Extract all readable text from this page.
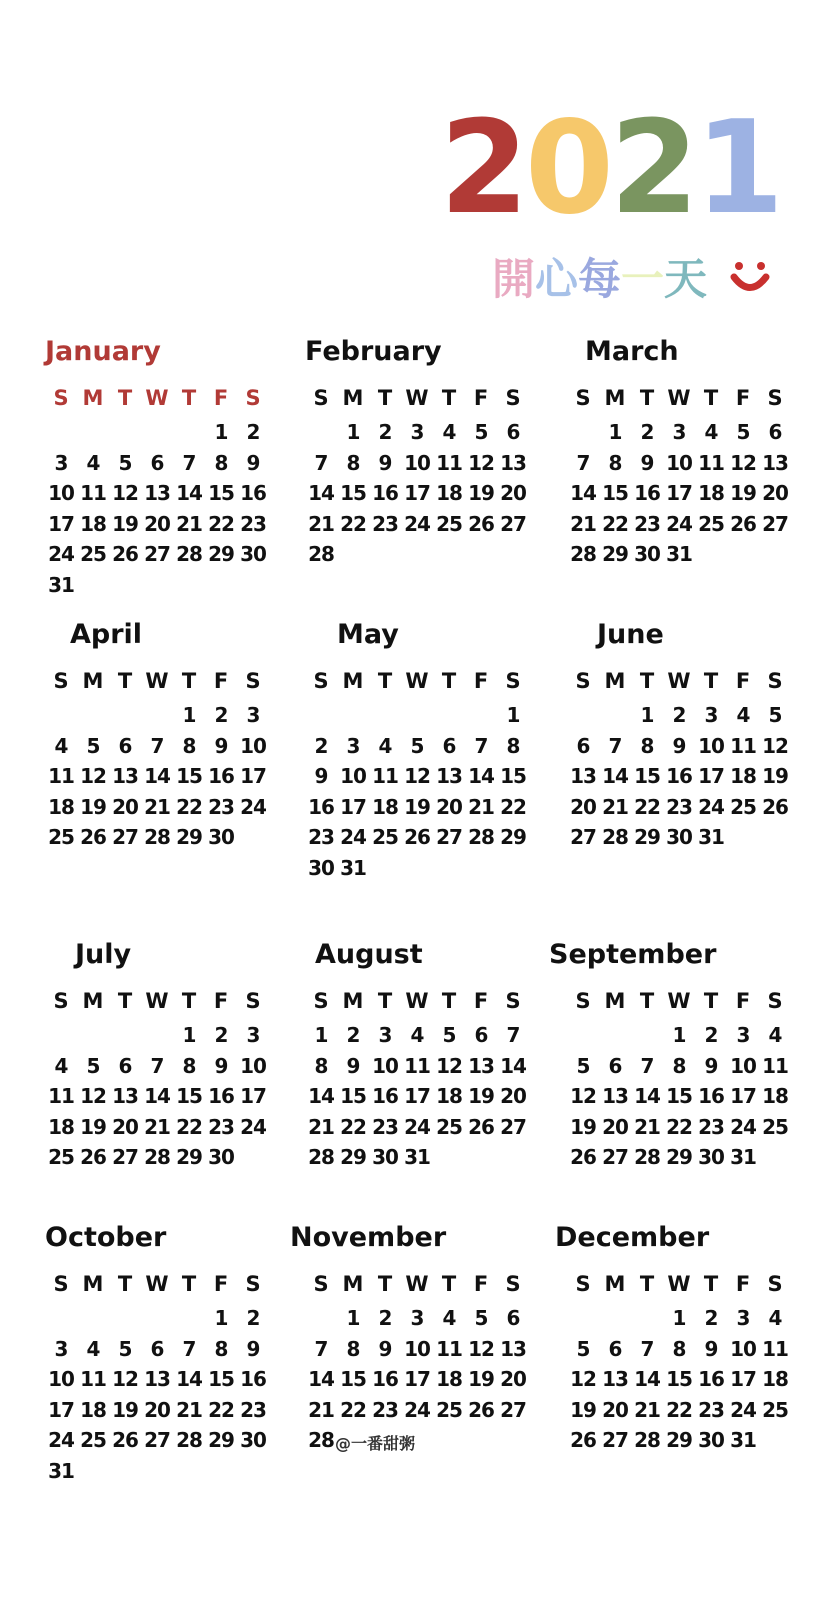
2021
開心每一天
January
S M T W T F S
1 2
3 4 5 6 7 8 9
10 11 12 13 14 15 16
17 18 19 20 21 22 23
24 25 26 27 28 29 30
31
February
S M T W T F S
1 2 3 4 5 6
7 8 9 10 11 12 13
14 15 16 17 18 19 20
21 22 23 24 25 26 27
28
March
S M T W T F S
1 2 3 4 5 6
7 8 9 10 11 12 13
14 15 16 17 18 19 20
21 22 23 24 25 26 27
28 29 30 31
April
S M T W T F S
1 2 3
4 5 6 7 8 9 10
11 12 13 14 15 16 17
18 19 20 21 22 23 24
25 26 27 28 29 30
May
S M T W T F S
1
2 3 4 5 6 7 8
9 10 11 12 13 14 15
16 17 18 19 20 21 22
23 24 25 26 27 28 29
30 31
June
S M T W T F S
1 2 3 4 5
6 7 8 9 10 11 12
13 14 15 16 17 18 19
20 21 22 23 24 25 26
27 28 29 30 31
July
S M T W T F S
1 2 3
4 5 6 7 8 9 10
11 12 13 14 15 16 17
18 19 20 21 22 23 24
25 26 27 28 29 30
August
S M T W T F S
1 2 3 4 5 6 7
8 9 10 11 12 13 14
14 15 16 17 18 19 20
21 22 23 24 25 26 27
28 29 30 31
September
S M T W T F S
1 2 3 4
5 6 7 8 9 10 11
12 13 14 15 16 17 18
19 20 21 22 23 24 25
26 27 28 29 30 31
October
S M T W T F S
1 2
3 4 5 6 7 8 9
10 11 12 13 14 15 16
17 18 19 20 21 22 23
24 25 26 27 28 29 30
31
November
S M T W T F S
1 2 3 4 5 6
7 8 9 10 11 12 13
14 15 16 17 18 19 20
21 22 23 24 25 26 27
28
December
S M T W T F S
1 2 3 4
5 6 7 8 9 10 11
12 13 14 15 16 17 18
19 20 21 22 23 24 25
26 27 28 29 30 31
@一番甜粥
